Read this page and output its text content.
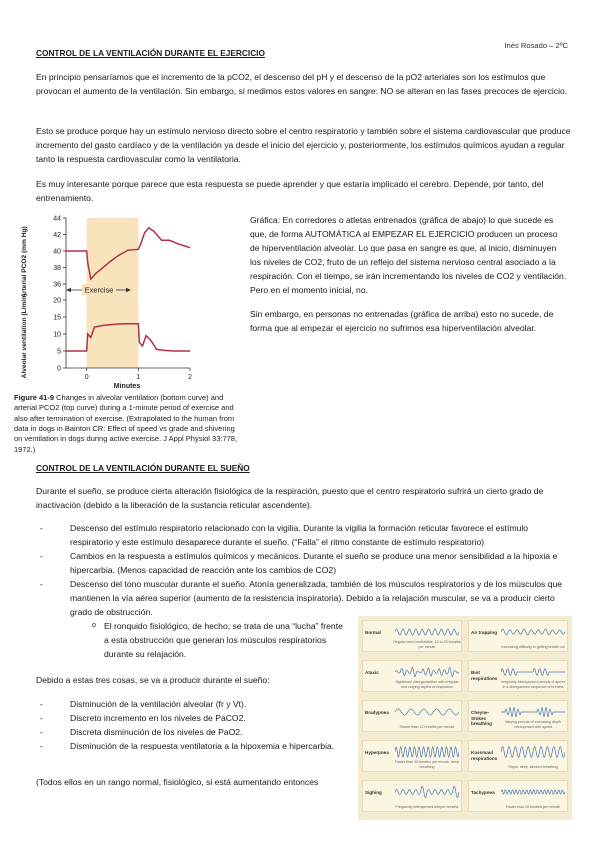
Inés Rosado – 2ºC
CONTROL DE LA VENTILACIÓN DURANTE EL EJERCICIO
En principio pensaríamos que el incremento de la pCO2, el descenso del pH y el descenso de la pO2 arteriales son los estímulos que provocan el aumento de la ventilación. Sin embargo, si medimos estos valores en sangre: NO se alteran en las fases precoces de ejercicio.
Esto se produce porque hay un estímulo nervioso directo sobre el centro respiratorio y también sobre el sistema cardiovascular que produce incremento del gasto cardíaco y de la ventilación ya desde el inicio del ejercicio y, posteriormente, los estímulos químicos ayudan a regular tanto la respuesta cardiovascular como la ventilatoria.
Es muy interesante porque parece que esta respuesta se puede aprender y que estaría implicado el cerebro. Depende, por tanto, del entrenamiento.
36
38
40
42
44
0
5
10
15
20
0	1	2
Exercise
Arterial PCO2 (mm Hg)
Alveolar ventilation (L/min)
Minutes
Figure 41-9 Changes in alveolar ventilation (bottom curve) and arterial PCO2 (top curve) during a 1-minute period of exercise and also after termination of exercise. (Extrapolated to the human from data in dogs in Bainton CR: Effect of speed vs grade and shivering on ventilation in dogs during active exercise. J Appl Physiol 33:778, 1972.)
Gráfica: En corredores o atletas entrenados (gráfica de abajo) lo que sucede es que, de forma AUTOMÁTICA al EMPEZAR EL EJERCICIO producen un proceso de hiperventilación alveolar. Lo que pasa en sangre es que, al inicio, disminuyen los niveles de CO2, fruto de un reflejo del sistema nervioso central asociado a la respiración. Con el tiempo, se irán incrementando los niveles de CO2 y ventilación. Pero en el momento inicial, no.
Sin embargo, en personas no entrenadas (gráfica de arriba) esto no sucede, de forma que al empezar el ejercicio no sufrimos esa hiperventilación alveolar.
CONTROL DE LA VENTILACIÓN DURANTE EL SUEÑO
Durante el sueño, se produce cierta alteración fisiológica de la respiración, puesto que el centro respiratorio sufrirá un cierto grado de inactivación (debido a la liberación de la sustancia reticular ascendente).
- Descenso del estímulo respiratorio relacionado con la vigilia. Durante la vigilia la formación reticular favorece el estímulo respiratorio y este estímulo desaparece durante el sueño. (“Falla” el ritmo constante de estímulo respiratorio)
- Cambios en la respuesta a estímulos químicos y mecánicos. Durante el sueño se produce una menor sensibilidad a la hipoxia e hipercarbia. (Menos capacidad de reacción ante los cambios de CO2)
- Descenso del tono muscular durante el sueño. Atonía generalizada, también de los músculos respiratorios y de los músculos que mantienen la vía aérea superior (aumento de la resistencia inspiratoria). Debido a la relajación muscular, se va a producir cierto grado de obstrucción.
o El ronquido fisiológico, de hecho, se trata de una “lucha” frente a esta obstrucción que generan los músculos respiratorios durante su relajación.
Debido a estas tres cosas, se va a producir durante el sueño:
- Disminución de la ventilación alveolar (fr y Vt).
- Discreto incremento en los niveles de PaCO2.
- Discreta disminución de los niveles de PaO2.
- Disminución de la respuesta ventilatoria a la hipoxemia e hipercarbia.
(Todos ellos en un rango normal, fisiológico, si está aumentando entonces
Normal
Regular and comfortable, 12 to 20 breaths per minute
Air trapping
Increasing difficulty in getting breath out
Ataxic
Significant disorganization with irregular and varying depths of respiration
Biot respirations
Irregularly interspersed periods of apnea in a disorganized sequence of breaths
Bradypnea
Slower than 12 breaths per minute
Cheyne-Stokes breathing	Varying periods of increasing depth interspersed with apnea
Hyperpnea
Faster than 20 breaths per minute, deep breathing
Kussmaul respirations
Rapid, deep, labored breathing
Sighing
Frequently interspersed deeper breaths
Tachypnea
Faster than 20 breaths per minute
